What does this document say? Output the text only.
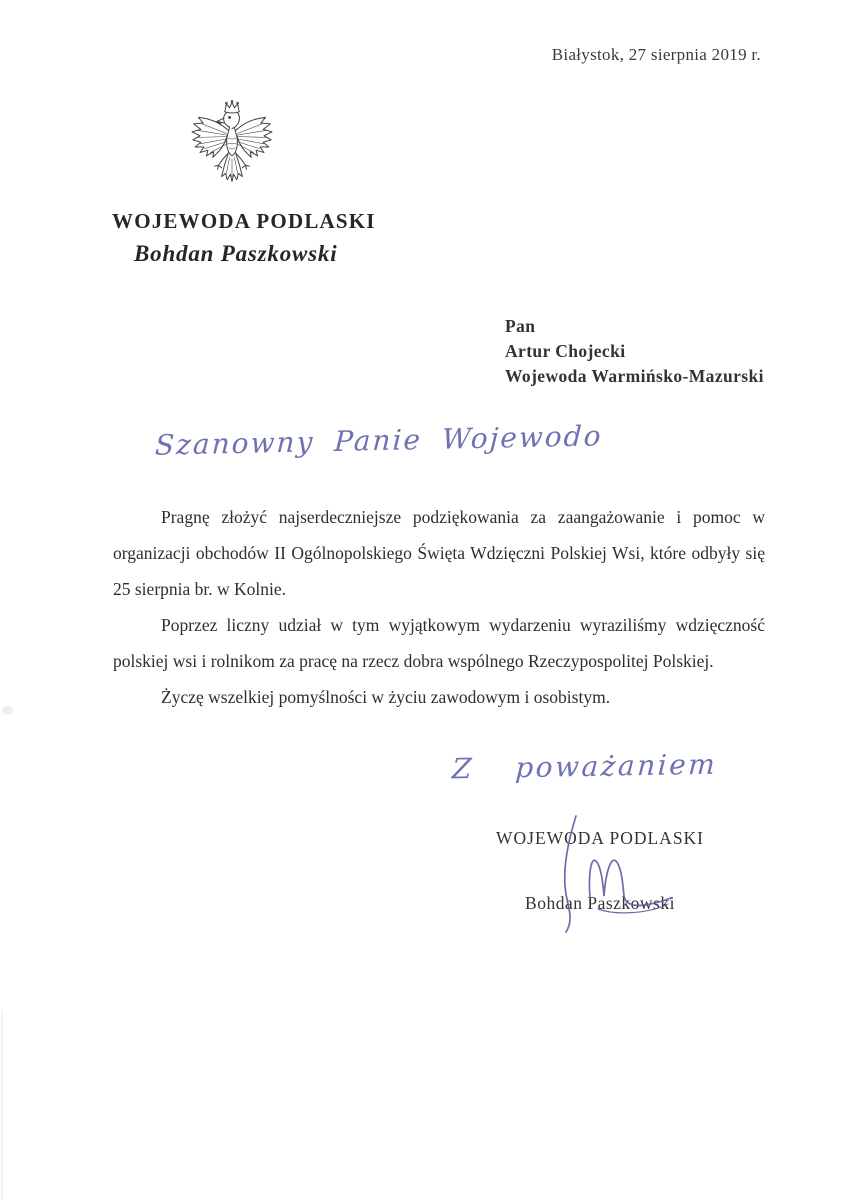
Białystok, 27 sierpnia 2019 r.
WOJEWODA PODLASKI
Bohdan Paszkowski
Pan
Artur Chojecki
Wojewoda Warmińsko-Mazurski
Szanowny Panie Wojewodo

Pragnę złożyć najserdeczniejsze podziękowania za zaangażowanie i pomoc w organizacji obchodów II Ogólnopolskiego Święta Wdzięczni Polskiej Wsi, które odbyły się 25 sierpnia br. w Kolnie.

Poprzez liczny udział w tym wyjątkowym wydarzeniu wyraziliśmy wdzięczność polskiej wsi i rolnikom za pracę na rzecz dobra wspólnego Rzeczypospolitej Polskiej.

Życzę wszelkiej pomyślności w życiu zawodowym i osobistym.

Z poważaniem
WOJEWODA PODLASKI
Bohdan Paszkowski
